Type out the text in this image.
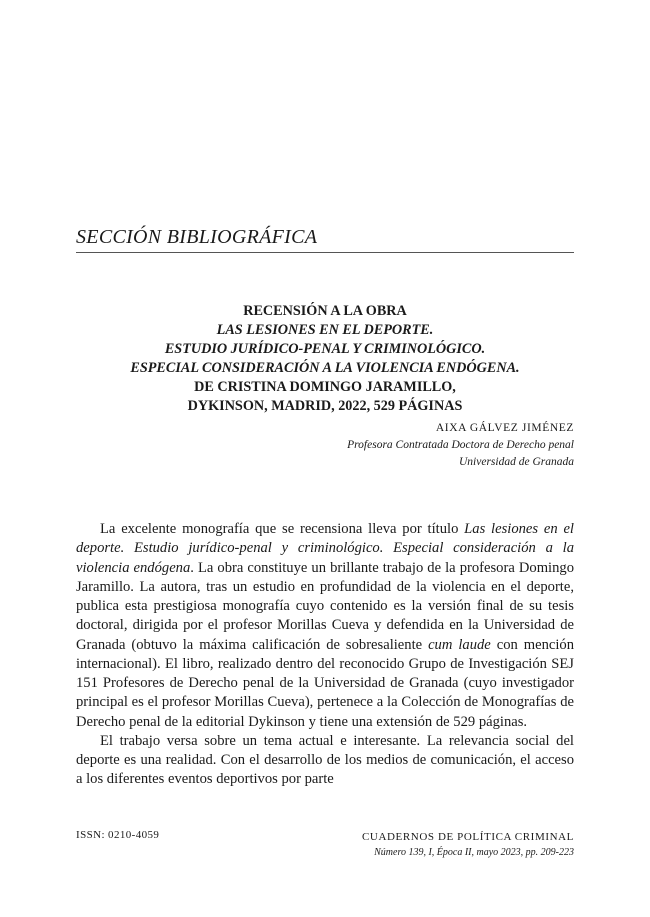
SECCIÓN BIBLIOGRÁFICA
RECENSIÓN A LA OBRA
LAS LESIONES EN EL DEPORTE.
ESTUDIO JURÍDICO-PENAL Y CRIMINOLÓGICO.
ESPECIAL CONSIDERACIÓN A LA VIOLENCIA ENDÓGENA.
DE CRISTINA DOMINGO JARAMILLO,
DYKINSON, MADRID, 2022, 529 PÁGINAS
AIXA GÁLVEZ JIMÉNEZ
Profesora Contratada Doctora de Derecho penal
Universidad de Granada

La excelente monografía que se recensiona lleva por título Las lesiones en el deporte. Estudio jurídico-penal y criminológico. Especial consideración a la violencia endógena. La obra constituye un brillante trabajo de la profesora Domingo Jaramillo. La autora, tras un estudio en profundidad de la violencia en el deporte, publica esta prestigiosa monografía cuyo contenido es la versión final de su tesis doctoral, dirigida por el profesor Morillas Cueva y defendida en la Universidad de Granada (obtuvo la máxima calificación de sobresaliente cum laude con mención internacional). El libro, realizado dentro del reconocido Grupo de Investigación SEJ 151 Profesores de Derecho penal de la Universidad de Granada (cuyo investigador principal es el profesor Morillas Cueva), pertenece a la Colección de Monografías de Derecho penal de la editorial Dykinson y tiene una extensión de 529 páginas.

El trabajo versa sobre un tema actual e interesante. La relevancia social del deporte es una realidad. Con el desarrollo de los medios de comunicación, el acceso a los diferentes eventos deportivos por parte

ISSN: 0210-4059	CUADERNOS DE POLÍTICA CRIMINAL
Número 139, I, Época II, mayo 2023, pp. 209-223
